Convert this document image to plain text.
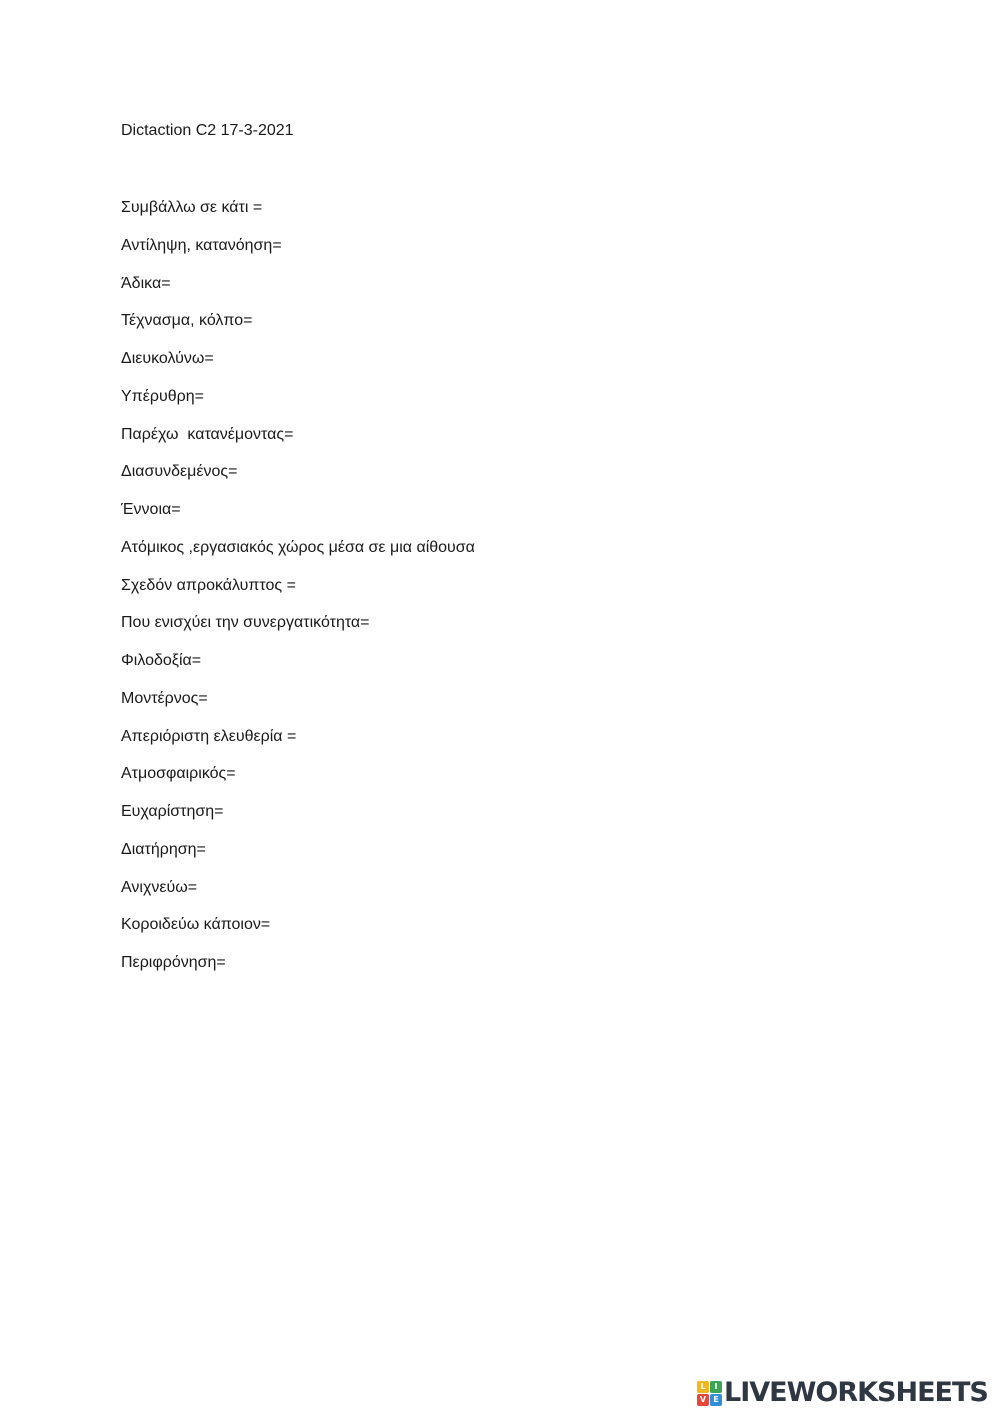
Dictaction C2 17-3-2021
Συμβάλλω σε κάτι =
Αντίληψη, κατανόηση=
Άδικα=
Τέχνασμα, κόλπο=
Διευκολύνω=
Υπέρυθρη=
Παρέχω  κατανέμοντας=
Διασυνδεμένος=
Έννοια=
Ατόμικος ,εργασιακός χώρος μέσα σε μια αίθουσα
Σχεδόν απροκάλυπτος =
Που ενισχύει την συνεργατικότητα=
Φιλοδοξία=
Μοντέρνος=
Απεριόριστη ελευθερία =
Ατμοσφαιρικός=
Ευχαρίστηση=
Διατήρηση=
Ανιχνεύω=
Κοροιδεύω κάποιον=
Περιφρόνηση=
L	I
V E LIVEWORKSHEETS
